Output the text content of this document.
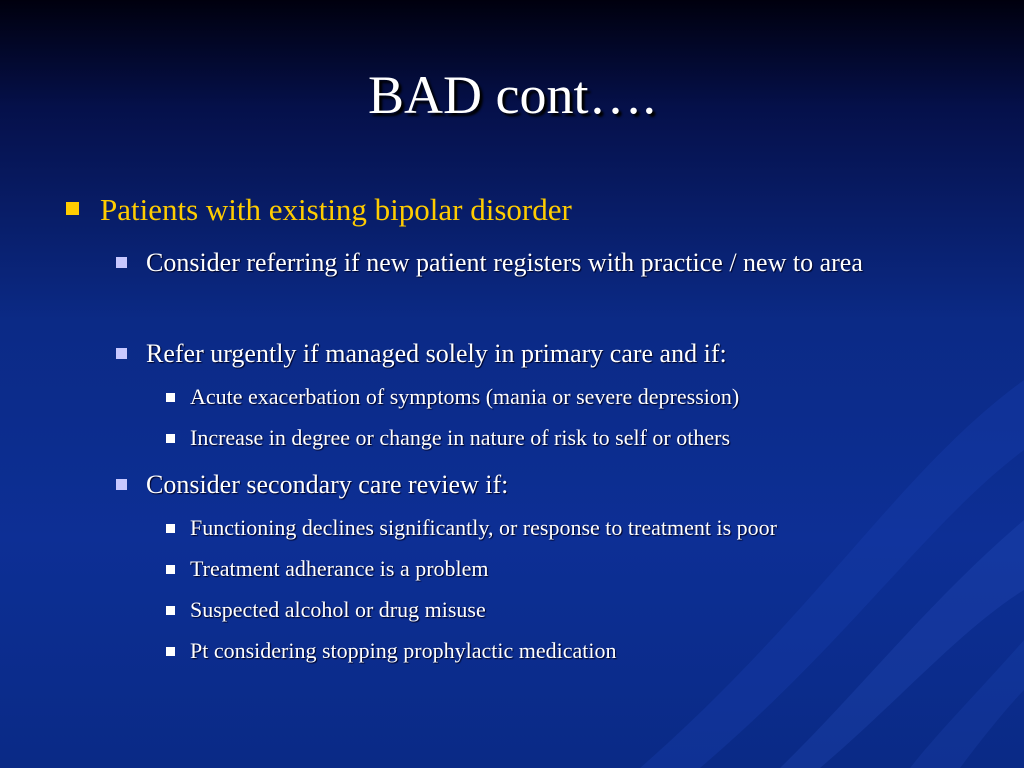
BAD cont….
Patients with existing bipolar disorder
Consider referring if new patient registers with practice / new to area
Refer urgently if managed solely in primary care and if:
Acute exacerbation of symptoms (mania or severe depression)
Increase in degree or change in nature of risk to self or others
Consider secondary care review if:
Functioning declines significantly, or response to treatment is poor
Treatment adherance is a problem
Suspected alcohol or drug misuse
Pt considering stopping prophylactic medication
